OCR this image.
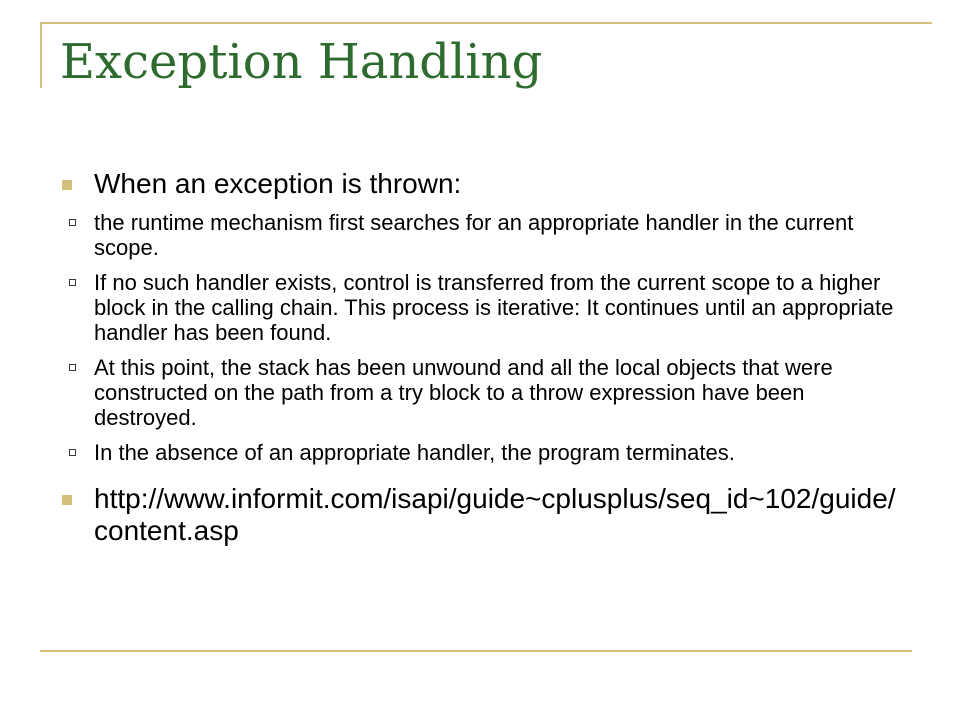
Exception Handling
When an exception is thrown:
the runtime mechanism first searches for an appropriate handler in the current scope.
If no such handler exists, control is transferred from the current scope to a higher block in the calling chain. This process is iterative: It continues until an appropriate handler has been found.
At this point, the stack has been unwound and all the local objects that were constructed on the path from a try block to a throw expression have been destroyed.
In the absence of an appropriate handler, the program terminates.
http://www.informit.com/isapi/guide~cplusplus/seq_id~102/guide/content.asp
